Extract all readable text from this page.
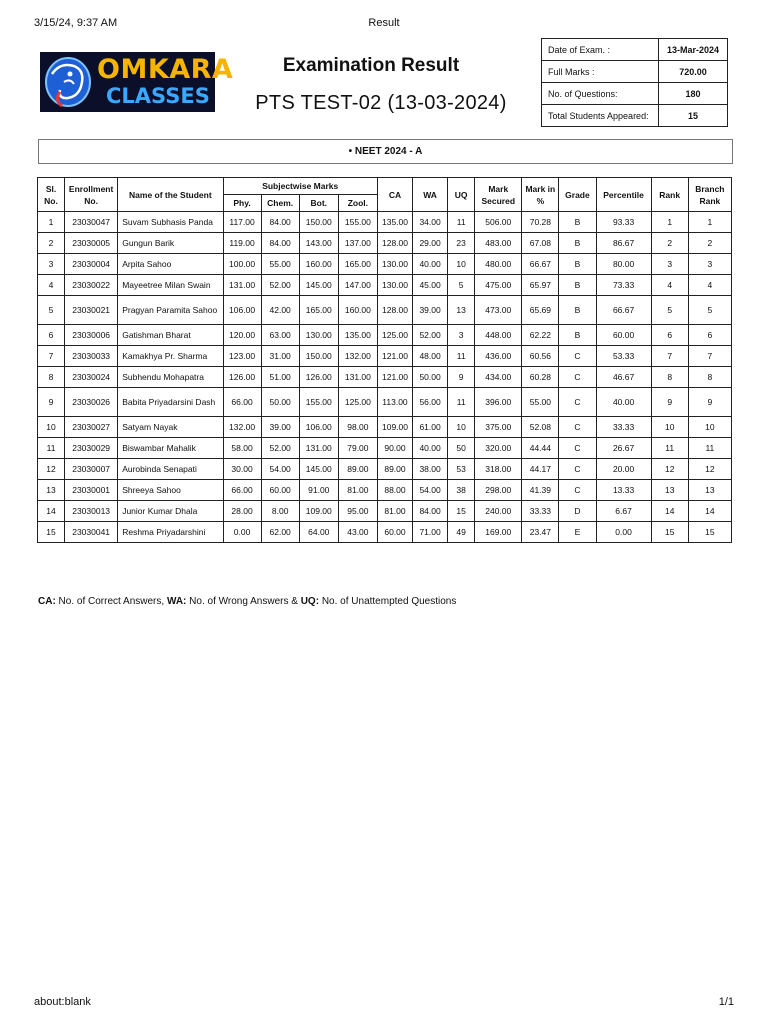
3/15/24, 9:37 AM	Result
OMKARA
CLASSES
Examination Result
PTS TEST-02 (13-03-2024)
Date of Exam. :	13-Mar-2024
Full Marks :	720.00
No. of Questions:	180
Total Students Appeared:	15
• NEET 2024 - A
Sl. No.	Enrollment No.	Name of the Student	Subjectwise Marks				CA	WA	UQ	Mark Secured	Mark in %	Grade	Percentile	Rank	Branch Rank
			Phy.	Chem.	Bot.	Zool.									
1	23030047	Suvam Subhasis Panda	117.00	84.00	150.00	155.00	135.00	34.00	11	506.00	70.28	B	93.33	1	1
2	23030005	Gungun Barik	119.00	84.00	143.00	137.00	128.00	29.00	23	483.00	67.08	B	86.67	2	2
3	23030004	Arpita Sahoo	100.00	55.00	160.00	165.00	130.00	40.00	10	480.00	66.67	B	80.00	3	3
4	23030022	Mayeetree Milan Swain	131.00	52.00	145.00	147.00	130.00	45.00	5	475.00	65.97	B	73.33	4	4
5	23030021	Pragyan Paramita Sahoo	106.00	42.00	165.00	160.00	128.00	39.00	13	473.00	65.69	B	66.67	5	5
6	23030006	Gatishman Bharat	120.00	63.00	130.00	135.00	125.00	52.00	3	448.00	62.22	B	60.00	6	6
7	23030033	Kamakhya Pr. Sharma	123.00	31.00	150.00	132.00	121.00	48.00	11	436.00	60.56	C	53.33	7	7
8	23030024	Subhendu Mohapatra	126.00	51.00	126.00	131.00	121.00	50.00	9	434.00	60.28	C	46.67	8	8
9	23030026	Babita Priyadarsini Dash	66.00	50.00	155.00	125.00	113.00	56.00	11	396.00	55.00	C	40.00	9	9
10	23030027	Satyam Nayak	132.00	39.00	106.00	98.00	109.00	61.00	10	375.00	52.08	C	33.33	10	10
11	23030029	Biswambar Mahalik	58.00	52.00	131.00	79.00	90.00	40.00	50	320.00	44.44	C	26.67	11	11
12	23030007	Aurobinda Senapati	30.00	54.00	145.00	89.00	89.00	38.00	53	318.00	44.17	C	20.00	12	12
13	23030001	Shreeya Sahoo	66.00	60.00	91.00	81.00	88.00	54.00	38	298.00	41.39	C	13.33	13	13
14	23030013	Junior Kumar Dhala	28.00	8.00	109.00	95.00	81.00	84.00	15	240.00	33.33	D	6.67	14	14
15	23030041	Reshma Priyadarshini	0.00	62.00	64.00	43.00	60.00	71.00	49	169.00	23.47	E	0.00	15	15
CA: No. of Correct Answers, WA: No. of Wrong Answers & UQ: No. of Unattempted Questions
about:blank	1/1
